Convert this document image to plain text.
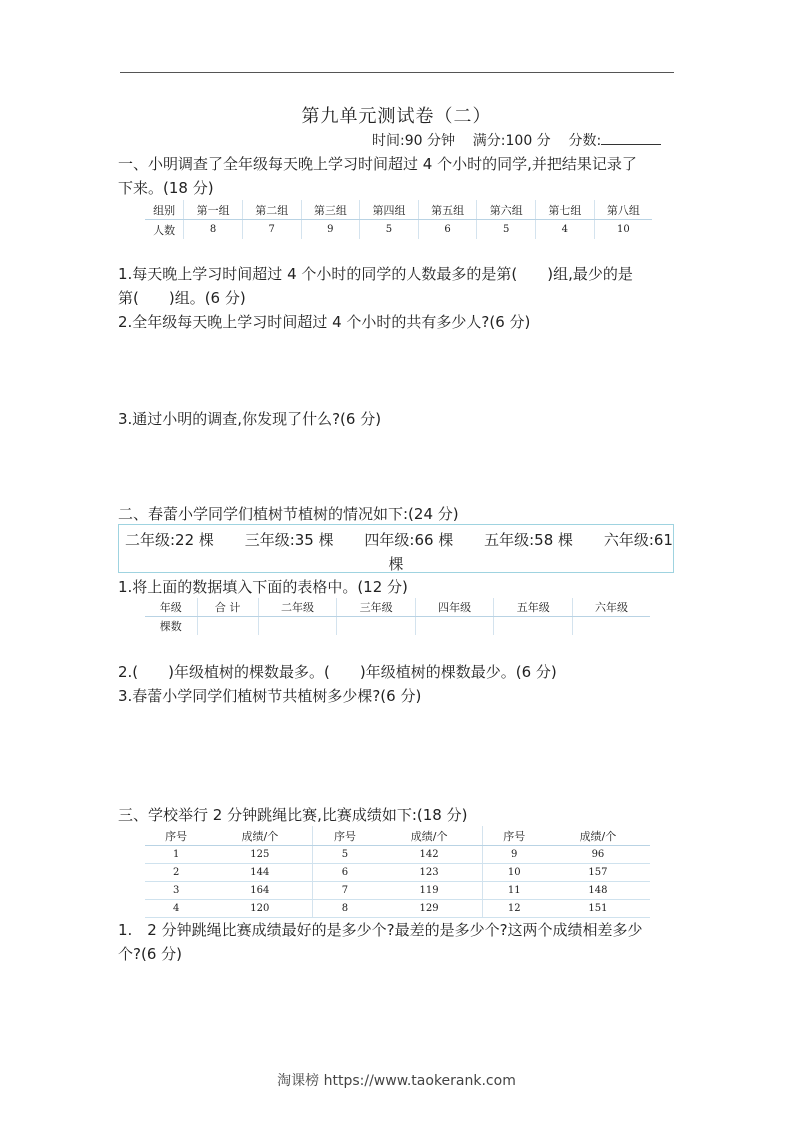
第九单元测试卷（二）
时间:90 分钟 满分:100 分 分数:
一、小明调查了全年级每天晚上学习时间超过 4 个小时的同学,并把结果记录了
下来。(18 分)
组别	第一组	第二组	第三组	第四组	第五组	第六组	第七组	第八组
人数	8	7	9	5	6	5	4	10
1.每天晚上学习时间超过 4 个小时的同学的人数最多的是第(　　)组,最少的是
第(　　)组。(6 分)
2.全年级每天晚上学习时间超过 4 个小时的共有多少人?(6 分)
3.通过小明的调查,你发现了什么?(6 分)
二、春蕾小学同学们植树节植树的情况如下:(24 分)
二年级:22 棵 三年级:35 棵 四年级:66 棵 五年级:58 棵 六年级:61
棵
1.将上面的数据填入下面的表格中。(12 分)
年级	合 计	二年级	三年级	四年级	五年级	六年级
棵数						
2.(　　)年级植树的棵数最多。(　　)年级植树的棵数最少。(6 分)
3.春蕾小学同学们植树节共植树多少棵?(6 分)
三、学校举行 2 分钟跳绳比赛,比赛成绩如下:(18 分)
序号	成绩/个	序号	成绩/个	序号	成绩/个
1	125	5	142	9	96
2	144	6	123	10	157
3	164	7	119	11	148
4	120	8	129	12	151
1.　2 分钟跳绳比赛成绩最好的是多少个?最差的是多少个?这两个成绩相差多少
个?(6 分)
淘课榜 https://www.taokerank.com
